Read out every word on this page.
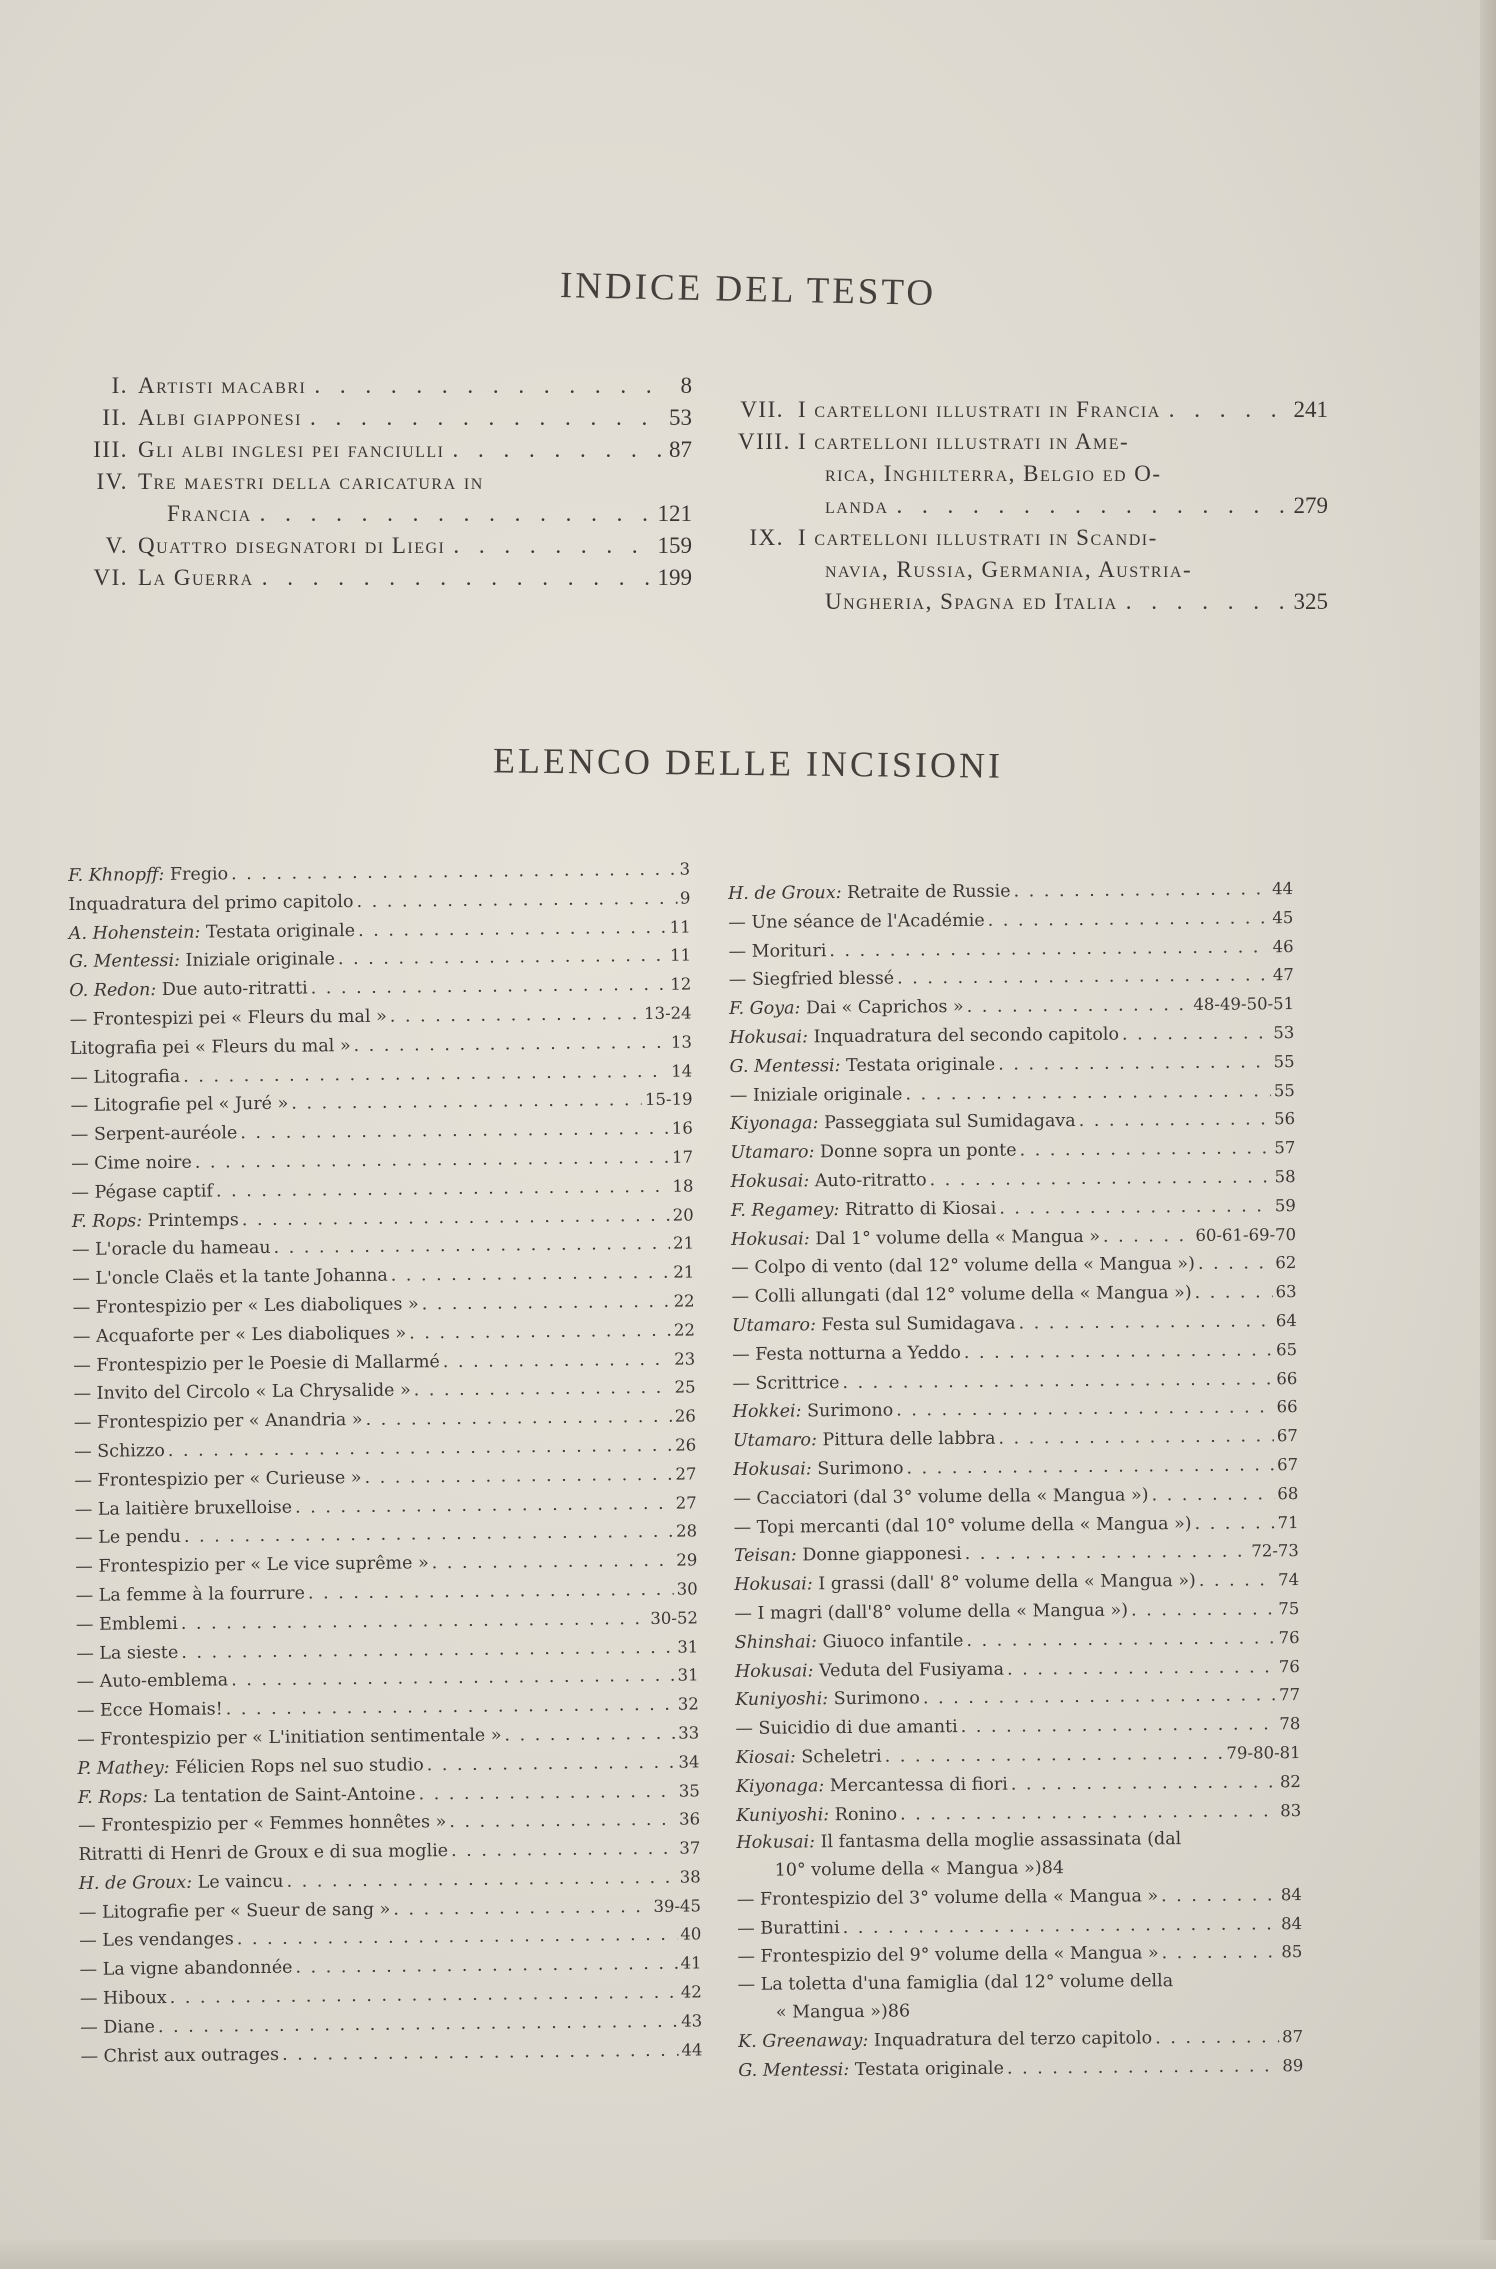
INDICE DEL TESTO
I. Artisti macabri . . .	8
II. Albi giapponesi . . .	53
III. Gli albi inglesi pei fanciulli . . .	87
IV. Tre maestri della caricatura in
Francia . . .	121
V. Quattro disegnatori di Liegi . . .	159
VI. La Guerra . . .	199
VII. I cartelloni illustrati in Francia . . .	241
VIII. I cartelloni illustrati in Ame-
rica, Inghilterra, Belgio ed O-
landa . . .	279
IX. I cartelloni illustrati in Scandi-
navia, Russia, Germania, Austria-
Ungheria, Spagna ed Italia . . .	325
ELENCO DELLE INCISIONI
F. Khnopff: Fregio . . .	3
Inquadratura del primo capitolo . . .	9
A. Hohenstein: Testata originale . . .	11
G. Mentessi: Iniziale originale . . .	11
O. Redon: Due auto-ritratti . . .	12
— Frontespizi pei « Fleurs du mal » . . .	13-24
Litografia pei « Fleurs du mal » . . .	13
— Litografia . . .	14
— Litografie pel « Juré » . . .	15-19
— Serpent-auréole . . .	16
— Cime noire . . .	17
— Pégase captif . . .	18
F. Rops: Printemps . . .	20
— L'oracle du hameau . . .	21
— L'oncle Claës et la tante Johanna . . .	21
— Frontespizio per « Les diaboliques » . . .	22
— Acquaforte per « Les diaboliques » . . .	22
— Frontespizio per le Poesie di Mallarmé . . .	23
— Invito del Circolo « La Chrysalide » . . .	25
— Frontespizio per « Anandria » . . .	26
— Schizzo . . .	26
— Frontespizio per « Curieuse » . . .	27
— La laitière bruxelloise . . .	27
— Le pendu . . .	28
— Frontespizio per « Le vice suprême » . . .	29
— La femme à la fourrure . . .	30
— Emblemi . . .	30-52
— La sieste . . .	31
— Auto-emblema . . .	31
— Ecce Homais! . . .	32
— Frontespizio per « L'initiation sentimentale » . . .	33
P. Mathey: Félicien Rops nel suo studio . . .	34
F. Rops: La tentation de Saint-Antoine . . .	35
— Frontespizio per « Femmes honnêtes » . . .	36
Ritratti di Henri de Groux e di sua moglie . . .	37
H. de Groux: Le vaincu . . .	38
— Litografie per « Sueur de sang » . . .	39-45
— Les vendanges . . .	40
— La vigne abandonnée . . .	41
— Hiboux . . .	42
— Diane . . .	43
— Christ aux outrages . . .	44
H. de Groux: Retraite de Russie . . .	44
— Une séance de l'Académie . . .	45
— Morituri . . .	46
— Siegfried blessé . . .	47
F. Goya: Dai « Caprichos » . . .	48-49-50-51
Hokusai: Inquadratura del secondo capitolo . . .	53
G. Mentessi: Testata originale . . .	55
— Iniziale originale . . .	55
Kiyonaga: Passeggiata sul Sumidagava . . .	56
Utamaro: Donne sopra un ponte . . .	57
Hokusai: Auto-ritratto . . .	58
F. Regamey: Ritratto di Kiosai . . .	59
Hokusai: Dal 1° volume della « Mangua » . . .	60-61-69-70
— Colpo di vento (dal 12° volume della « Mangua ») . . .	62
— Colli allungati (dal 12° volume della « Mangua ») . . .	63
Utamaro: Festa sul Sumidagava . . .	64
— Festa notturna a Yeddo . . .	65
— Scrittrice . . .	66
Hokkei: Surimono . . .	66
Utamaro: Pittura delle labbra . . .	67
Hokusai: Surimono . . .	67
— Cacciatori (dal 3° volume della « Mangua ») . . .	68
— Topi mercanti (dal 10° volume della « Mangua ») . . .	71
Teisan: Donne giapponesi . . .	72-73
Hokusai: I grassi (dall' 8° volume della « Mangua ») . . .	74
— I magri (dall'8° volume della « Mangua ») . . .	75
Shinshai: Giuoco infantile . . .	76
Hokusai: Veduta del Fusiyama . . .	76
Kuniyoshi: Surimono . . .	77
— Suicidio di due amanti . . .	78
Kiosai: Scheletri . . .	79-80-81
Kiyonaga: Mercantessa di fiori . . .	82
Kuniyoshi: Ronino . . .	83
Hokusai: Il fantasma della moglie assassinata (dal
10° volume della « Mangua ») 84
— Frontespizio del 3° volume della « Mangua » . . .	84
— Burattini . . .	84
— Frontespizio del 9° volume della « Mangua » . . .	85
— La toletta d'una famiglia (dal 12° volume della
« Mangua ») 86
K. Greenaway: Inquadratura del terzo capitolo . . .	87
G. Mentessi: Testata originale . . .	89
